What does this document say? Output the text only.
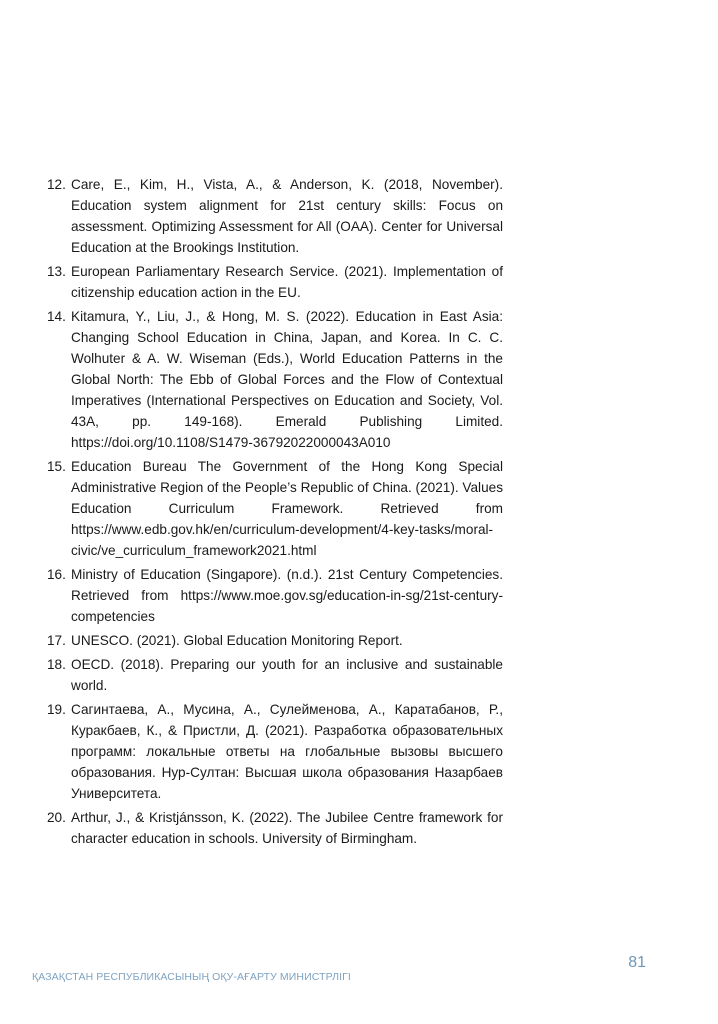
12. Care, E., Kim, H., Vista, A., & Anderson, K. (2018, November). Education system alignment for 21st century skills: Focus on assessment. Optimizing Assessment for All (OAA). Center for Universal Education at the Brookings Institution.
13. European Parliamentary Research Service. (2021). Implementation of citizenship education action in the EU.
14. Kitamura, Y., Liu, J., & Hong, M. S. (2022). Education in East Asia: Changing School Education in China, Japan, and Korea. In C. C. Wolhuter & A. W. Wiseman (Eds.), World Education Patterns in the Global North: The Ebb of Global Forces and the Flow of Contextual Imperatives (International Perspectives on Education and Society, Vol. 43A, pp. 149-168). Emerald Publishing Limited. https://doi.org/10.1108/S1479-36792022000043A010
15. Education Bureau The Government of the Hong Kong Special Administrative Region of the People’s Republic of China. (2021). Values Education Curriculum Framework. Retrieved from https://www.edb.gov.hk/en/curriculum-development/4-key-tasks/moral-civic/ve_curriculum_framework2021.html
16. Ministry of Education (Singapore). (n.d.). 21st Century Competencies. Retrieved from https://www.moe.gov.sg/education-in-sg/21st-century-competencies
17. UNESCO. (2021). Global Education Monitoring Report.
18. OECD. (2018). Preparing our youth for an inclusive and sustainable world.
19. Сагинтаева, А., Мусина, А., Сулейменова, А., Каратабанов, Р., Куракбаев, К., & Пристли, Д. (2021). Разработка образовательных программ: локальные ответы на глобальные вызовы высшего образования. Нур-Султан: Высшая школа образования Назарбаев Университета.
20. Arthur, J., & Kristjánsson, K. (2022). The Jubilee Centre framework for character education in schools. University of Birmingham.
81
ҚАЗАҚСТАН РЕСПУБЛИКАСЫНЫҢ ОҚУ-АҒАРТУ МИНИСТРЛІГІ
